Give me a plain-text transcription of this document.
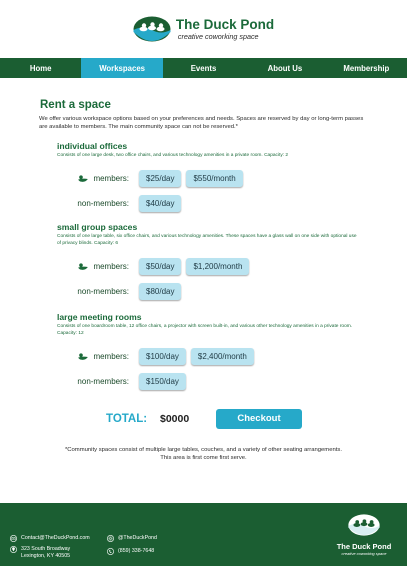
The Duck Pond
creative coworking space
Home	Workspaces	Events	About Us	Membership
Rent a space
We offer various workspace options based on your preferences and needs. Spaces are reserved by day or long-term passes are available to members. The main community space can not be reserved.*
individual offices
Consists of one large desk, two office chairs, and various technology amenities in a private room. Capacity: 2
members:	$25/day	$550/month
non-members:	$40/day
small group spaces
Consists of one large table, six office chairs, and various technology amenities. These spaces have a glass wall on one side with optional use of privacy blinds. Capacity: 6
members:	$50/day	$1,200/month
non-members:	$80/day
large meeting rooms
Consists of one boardroom table, 12 office chairs, a projector with screen built-in, and various other technology amenities in a private room. Capacity: 12
members:	$100/day	$2,400/month
non-members:	$150/day
TOTAL:	$0000	Checkout
*Community spaces consist of multiple large tables, couches, and a variety of other seating arrangements.
This area is first come first serve.
Contact@TheDuckPond.com
323 South Broadway
Lexington, KY 40505
@TheDuckPond
(859) 338-7648	The Duck Pond
creative coworking space
